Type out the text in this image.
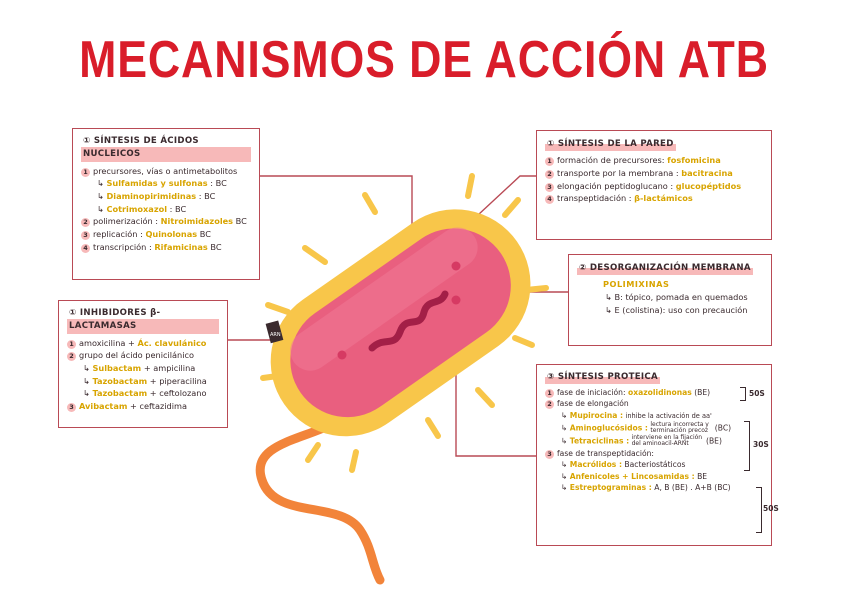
MECANISMOS DE ACCIÓN ATB
ARN
① SÍNTESIS DE ÁCIDOS NUCLEICOS
1 precursores, vías o antimetabolitos
↳ Sulfamidas y sulfonas : BC
↳ Diaminopirimidinas : BC
↳ Cotrimoxazol : BC
2 polimerización : Nitroimidazoles BC
3 replicación : Quinolonas BC
4 transcripción : Rifamicinas BC
① SÍNTESIS DE LA PARED
1 formación de precursores: fosfomicina
2 transporte por la membrana : bacitracina
3 elongación peptidoglucano : glucopéptidos
4 transpeptidación : β-lactámicos
② DESORGANIZACIÓN MEMBRANA
POLIMIXINAS
↳ B: tópico, pomada en quemados
↳ E (colistina): uso con precaución
① INHIBIDORES β-LACTAMASAS
1 amoxicilina + Ác. clavulánico
2 grupo del ácido penicilánico
↳ Sulbactam + ampicilina
↳ Tazobactam + piperacilina
↳ Tazobactam + ceftolozano
3 Avibactam + ceftazidima
③ SÍNTESIS PROTEICA
1 fase de iniciación: oxazolidinonas (BE)
2 fase de elongación
↳ Mupirocina : inhibe la activación de aa'
↳ Aminoglucósidos : lectura incorrecta y terminación precoz (BC)
↳ Tetraciclinas : interviene en la fijación del aminoacil-ARNt (BE)
3 fase de transpeptidación:
↳ Macrólidos : Bacteriostáticos
↳ Anfenicoles + Lincosamidas : BE
↳ Estreptograminas : A, B (BE) . A+B (BC)
50S
30S
50S
